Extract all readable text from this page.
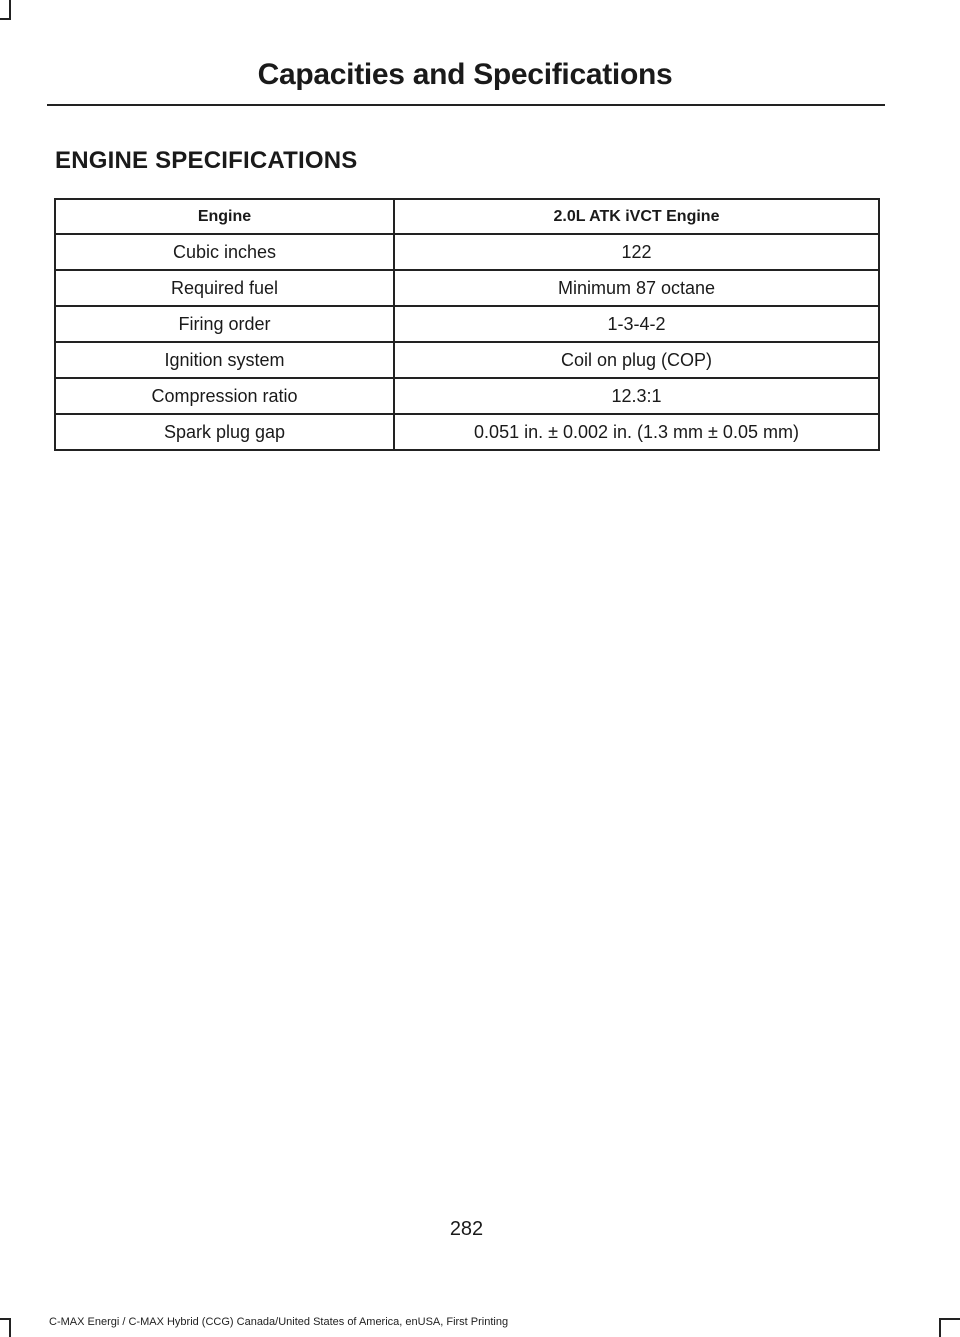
Capacities and Specifications
ENGINE SPECIFICATIONS
Engine	2.0L ATK iVCT Engine
Cubic inches	122
Required fuel	Minimum 87 octane
Firing order	1-3-4-2
Ignition system	Coil on plug (COP)
Compression ratio	12.3:1
Spark plug gap	0.051 in. ± 0.002 in. (1.3 mm ± 0.05 mm)
282
C-MAX Energi / C-MAX Hybrid (CCG) Canada/United States of America, enUSA, First Printing
